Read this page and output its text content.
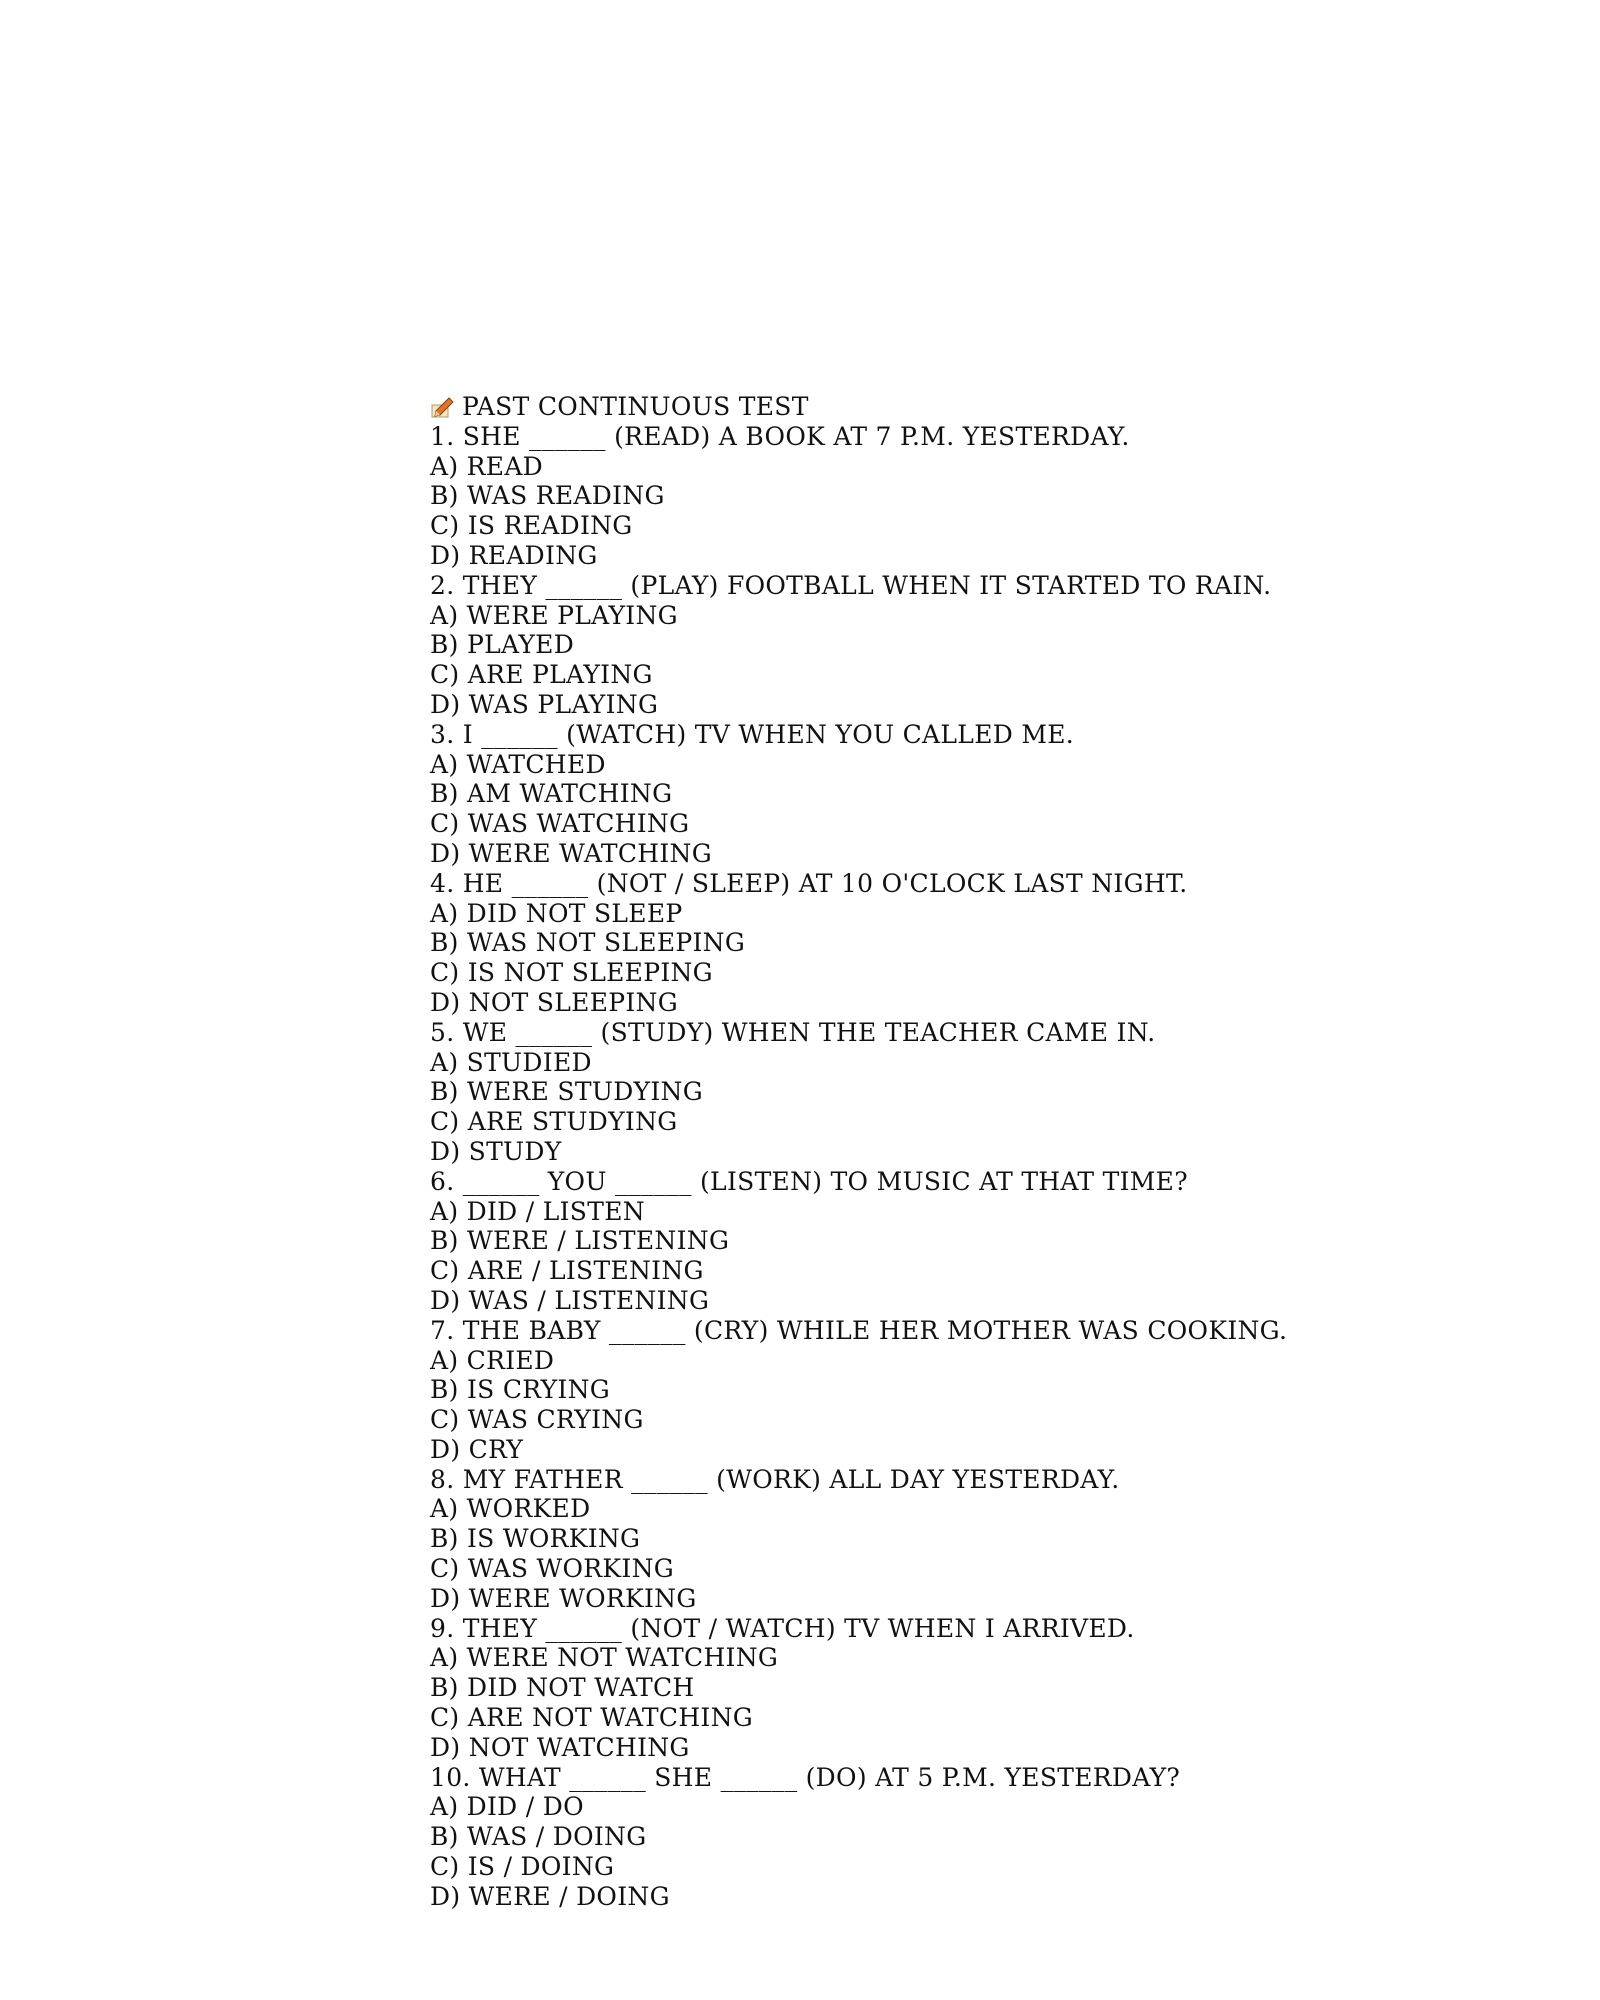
PAST CONTINUOUS TEST
1. SHE ______ (READ) A BOOK AT 7 P.M. YESTERDAY.
A) READ
B) WAS READING
C) IS READING
D) READING
2. THEY ______ (PLAY) FOOTBALL WHEN IT STARTED TO RAIN.
A) WERE PLAYING
B) PLAYED
C) ARE PLAYING
D) WAS PLAYING
3. I ______ (WATCH) TV WHEN YOU CALLED ME.
A) WATCHED
B) AM WATCHING
C) WAS WATCHING
D) WERE WATCHING
4. HE ______ (NOT / SLEEP) AT 10 O'CLOCK LAST NIGHT.
A) DID NOT SLEEP
B) WAS NOT SLEEPING
C) IS NOT SLEEPING
D) NOT SLEEPING
5. WE ______ (STUDY) WHEN THE TEACHER CAME IN.
A) STUDIED
B) WERE STUDYING
C) ARE STUDYING
D) STUDY
6. ______ YOU ______ (LISTEN) TO MUSIC AT THAT TIME?
A) DID / LISTEN
B) WERE / LISTENING
C) ARE / LISTENING
D) WAS / LISTENING
7. THE BABY ______ (CRY) WHILE HER MOTHER WAS COOKING.
A) CRIED
B) IS CRYING
C) WAS CRYING
D) CRY
8. MY FATHER ______ (WORK) ALL DAY YESTERDAY.
A) WORKED
B) IS WORKING
C) WAS WORKING
D) WERE WORKING
9. THEY ______ (NOT / WATCH) TV WHEN I ARRIVED.
A) WERE NOT WATCHING
B) DID NOT WATCH
C) ARE NOT WATCHING
D) NOT WATCHING
10. WHAT ______ SHE ______ (DO) AT 5 P.M. YESTERDAY?
A) DID / DO
B) WAS / DOING
C) IS / DOING
D) WERE / DOING
